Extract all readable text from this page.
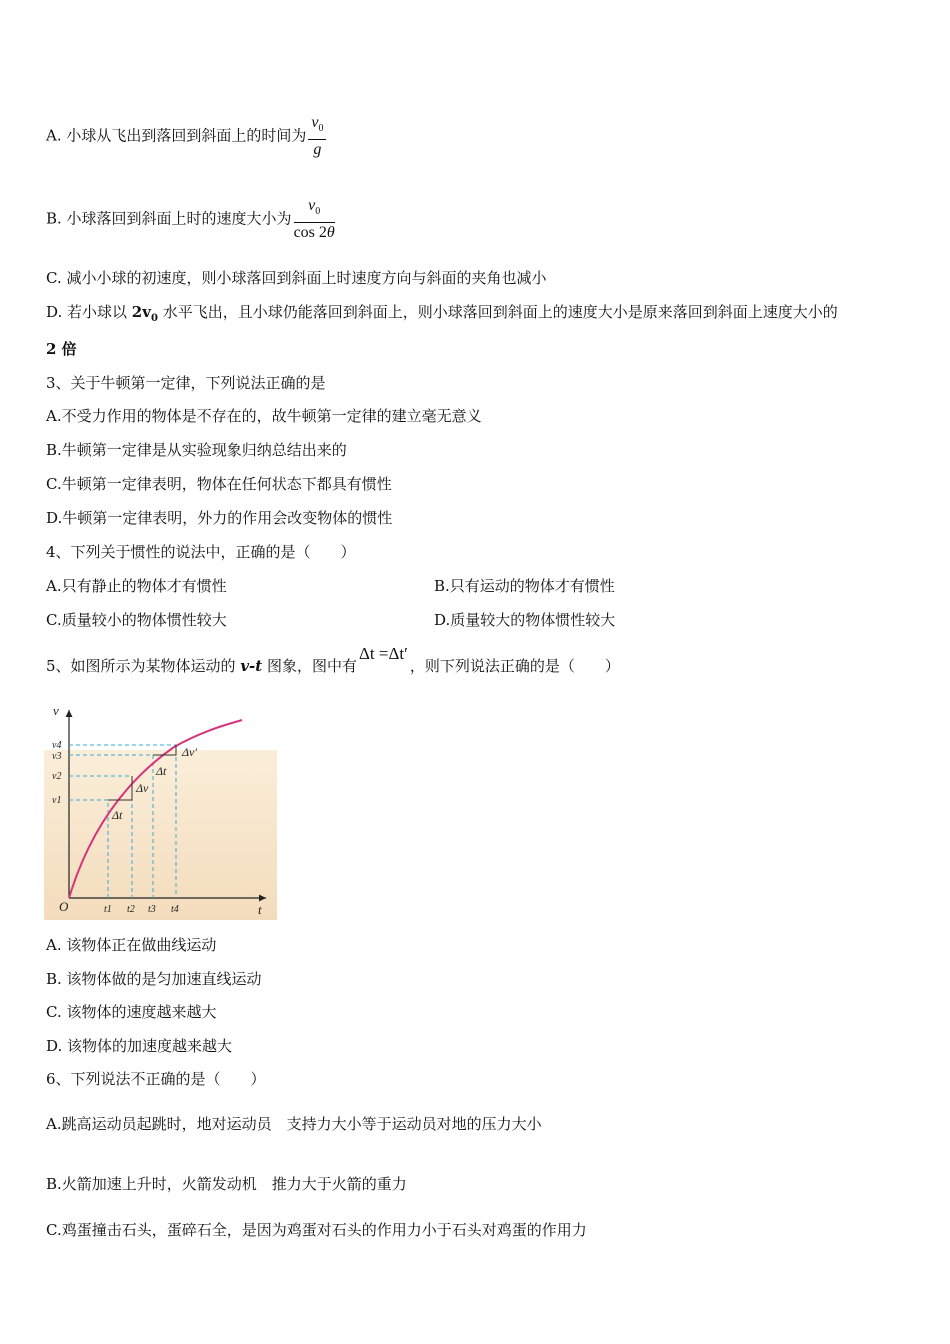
A. 小球从飞出到落回到斜面上的时间为 $\frac{v_0}{g}$
B. 小球落回到斜面上时的速度大小为 $\frac{v_0}{\cos 2\theta}$
C. 减小小球的初速度，则小球落回到斜面上时速度方向与斜面的夹角也减小
D. 若小球以 $2v_0$ 水平飞出，且小球仍能落回到斜面上，则小球落回到斜面上的速度大小是原来落回到斜面上速度大小的
2 倍
3、关于牛顿第一定律，下列说法正确的是
A.不受力作用的物体是不存在的，故牛顿第一定律的建立毫无意义
B.牛顿第一定律是从实验现象归纳总结出来的
C.牛顿第一定律表明，物体在任何状态下都具有惯性
D.牛顿第一定律表明，外力的作用会改变物体的惯性
4、下列关于惯性的说法中，正确的是（　　）
A.只有静止的物体才有惯性	B.只有运动的物体才有惯性
C.质量较小的物体惯性较大	D.质量较大的物体惯性较大
5、如图所示为某物体运动的 v-t 图象，图中有Δt =Δt′，则下列说法正确的是（　　）
v
t
O
v1
v2
v3
v4
t1 t2 t3 t4
Δv
Δv′
Δt
Δt
A. 该物体正在做曲线运动
B. 该物体做的是匀加速直线运动
C. 该物体的速度越来越大
D. 该物体的加速度越来越大
6、下列说法不正确的是（　　）
A.跳高运动员起跳时，地对运动员　支持力大小等于运动员对地的压力大小
B.火箭加速上升时，火箭发动机　推力大于火箭的重力
C.鸡蛋撞击石头，蛋碎石全，是因为鸡蛋对石头的作用力小于石头对鸡蛋的作用力
